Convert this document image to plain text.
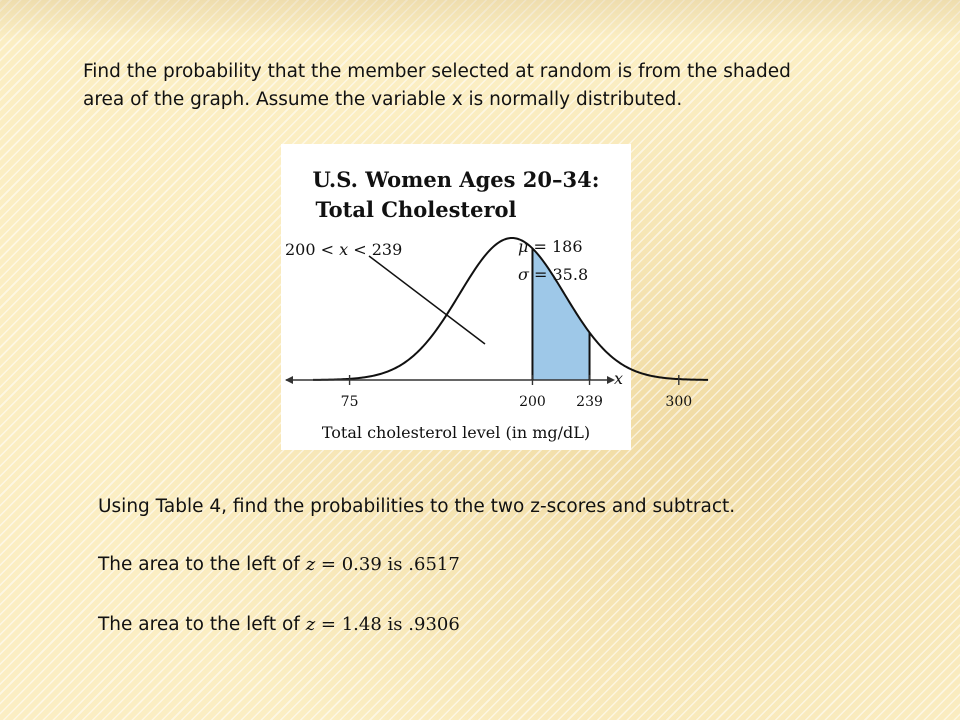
Find the probability that the member selected at random is from the shaded
area of the graph. Assume the variable x is normally distributed.

U.S. Women Ages 20–34:
Total Cholesterol
x
200 < x < 239	μ = 186
σ = 35.8
75	200 239	300
Total cholesterol level (in mg/dL)

Using Table 4, find the probabilities to the two z-scores and subtract.

The area to the left of z = 0.39 is .6517

The area to the left of z = 1.48 is .9306
